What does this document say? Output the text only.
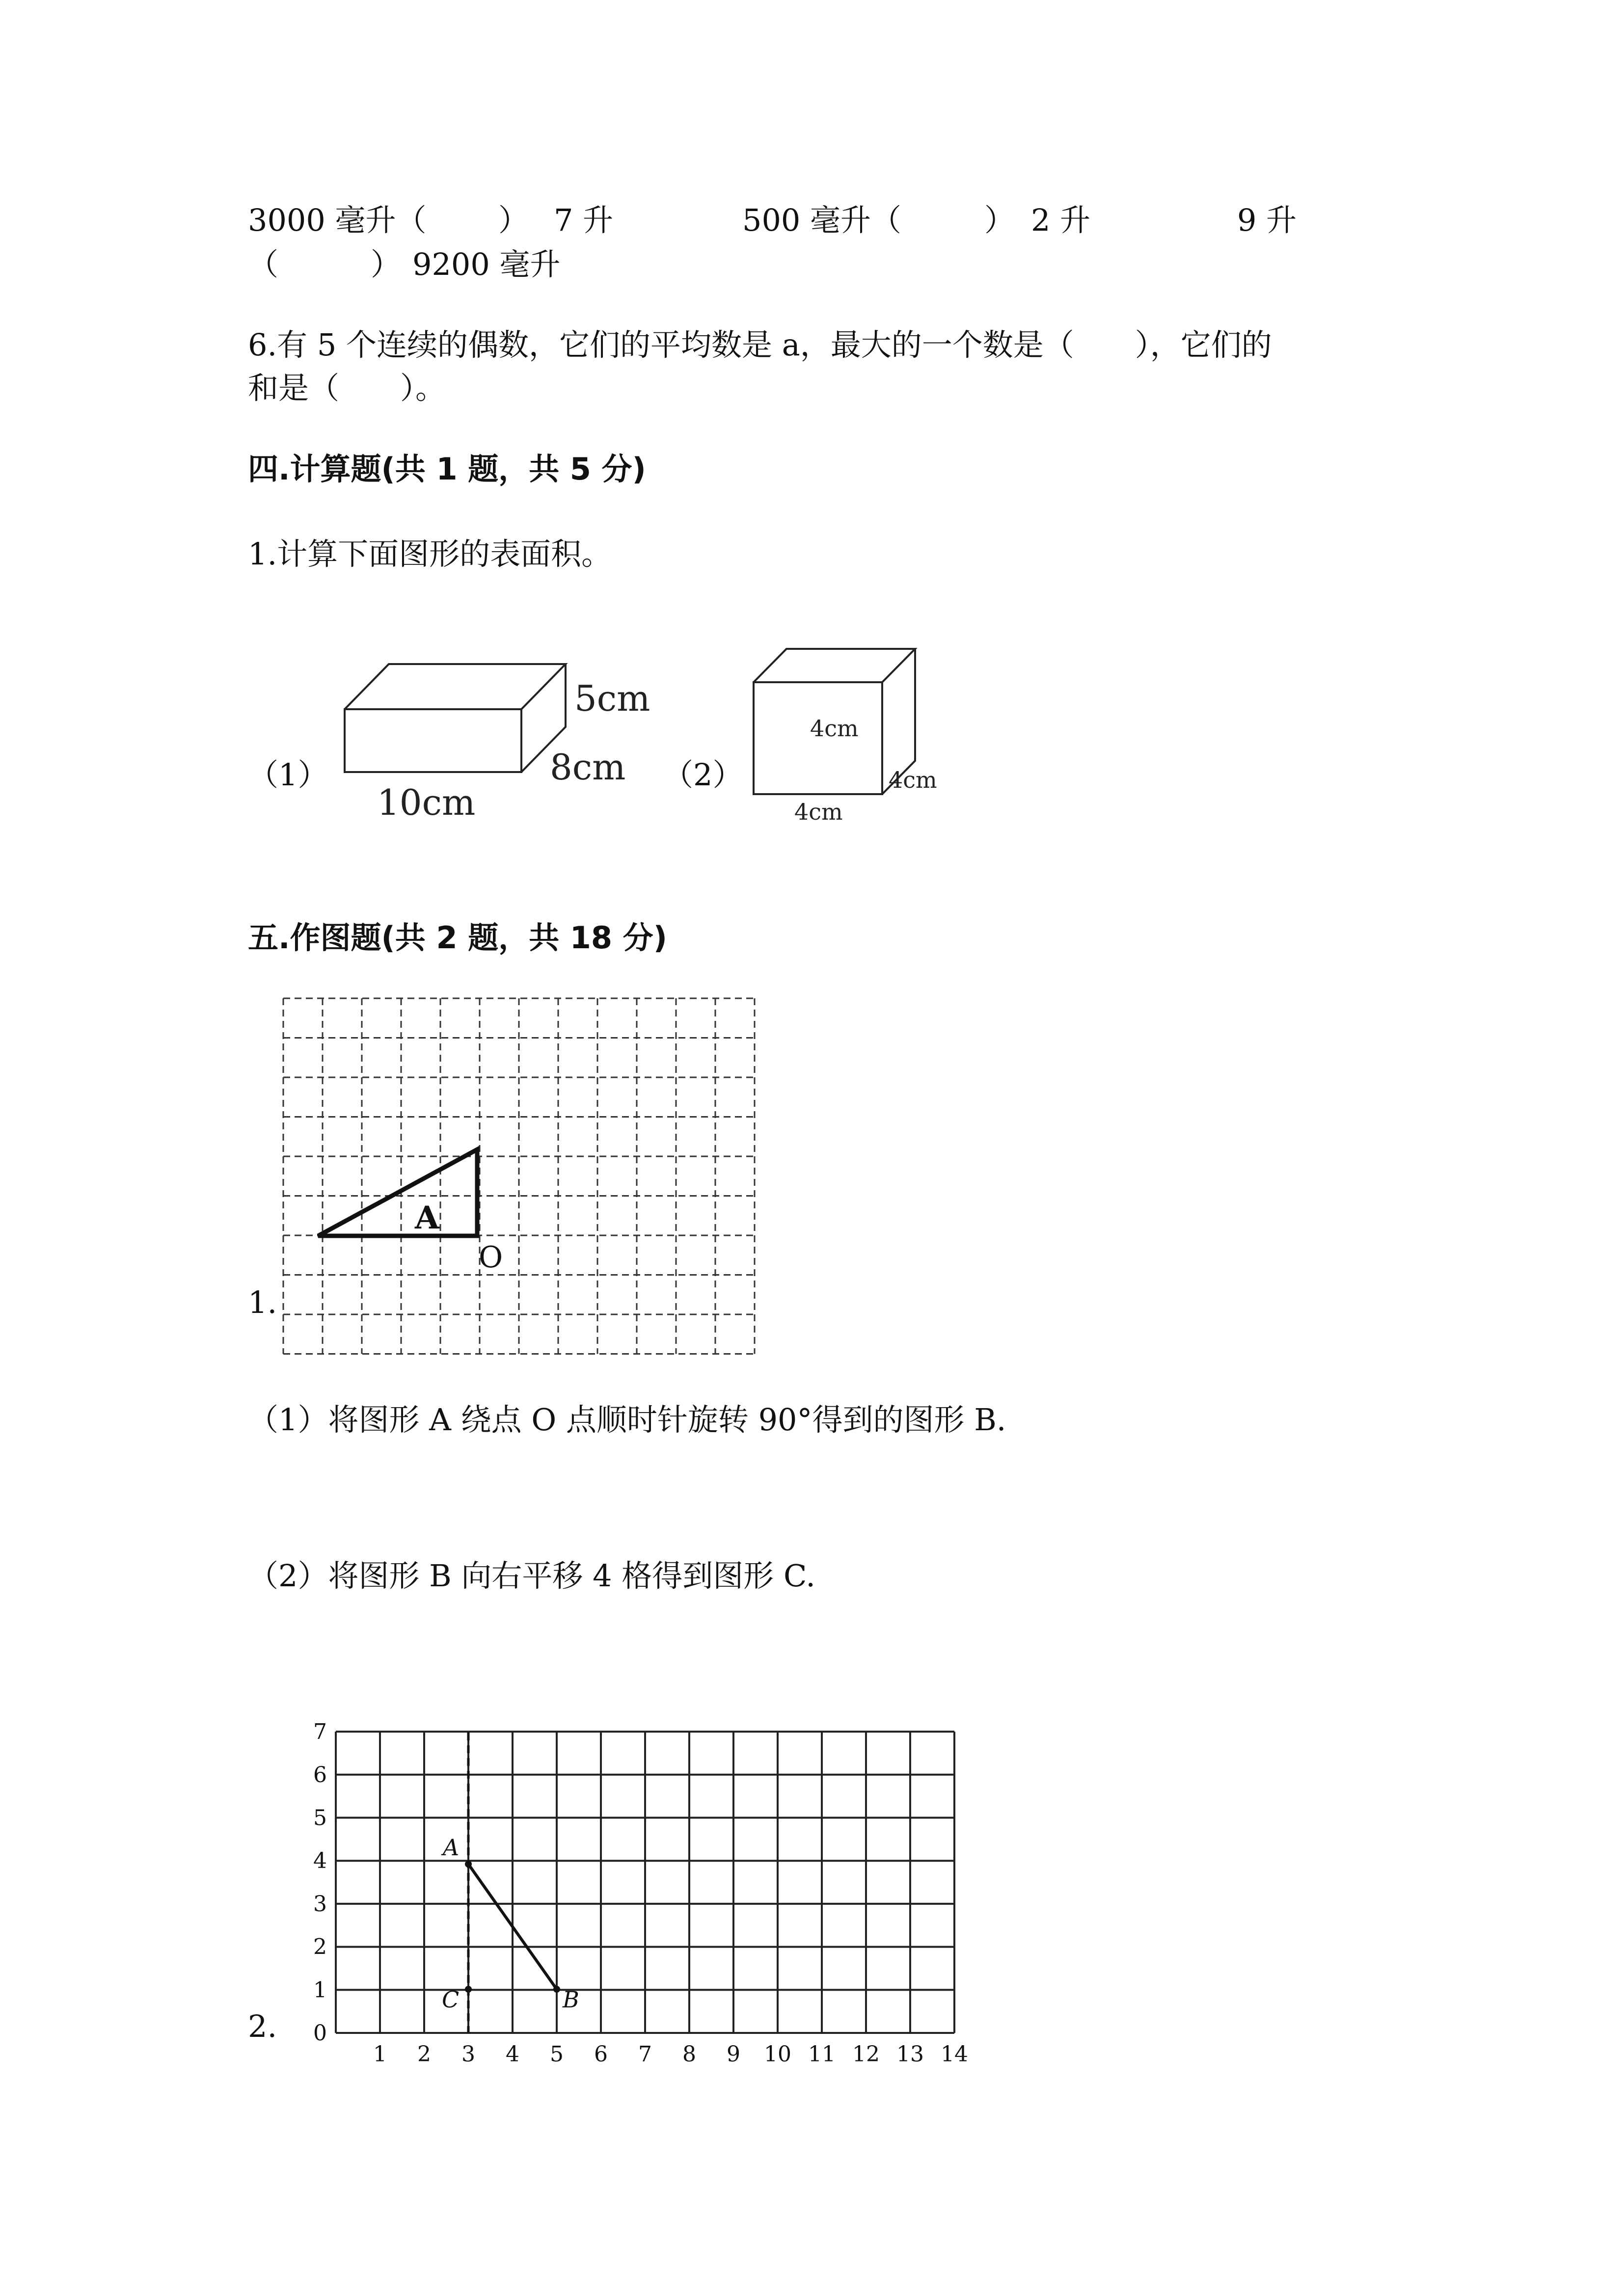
3000 毫升（ ） 7 升	500 毫升（	） 2 升	9 升
（	） 9200 毫升
6.有 5 个连续的偶数，它们的平均数是 a，最大的一个数是（　　），它们的
和是（　　）。
四.计算题(共 1 题，共 5 分)
1.计算下面图形的表面积。
（1）	（2）
五.作图题(共 2 题，共 18 分)
1.
（1）将图形 A 绕点 O 点顺时针旋转 90°得到的图形 B.
（2）将图形 B 向右平移 4 格得到图形 C.
2.
5cm
8cm
10cm
4cm
4cm
4cm
A
O
1 2 3 4 5 6 7 8 9 10 11 12 13 14
0
1
2
3
4
5
6
7
A
B
C
